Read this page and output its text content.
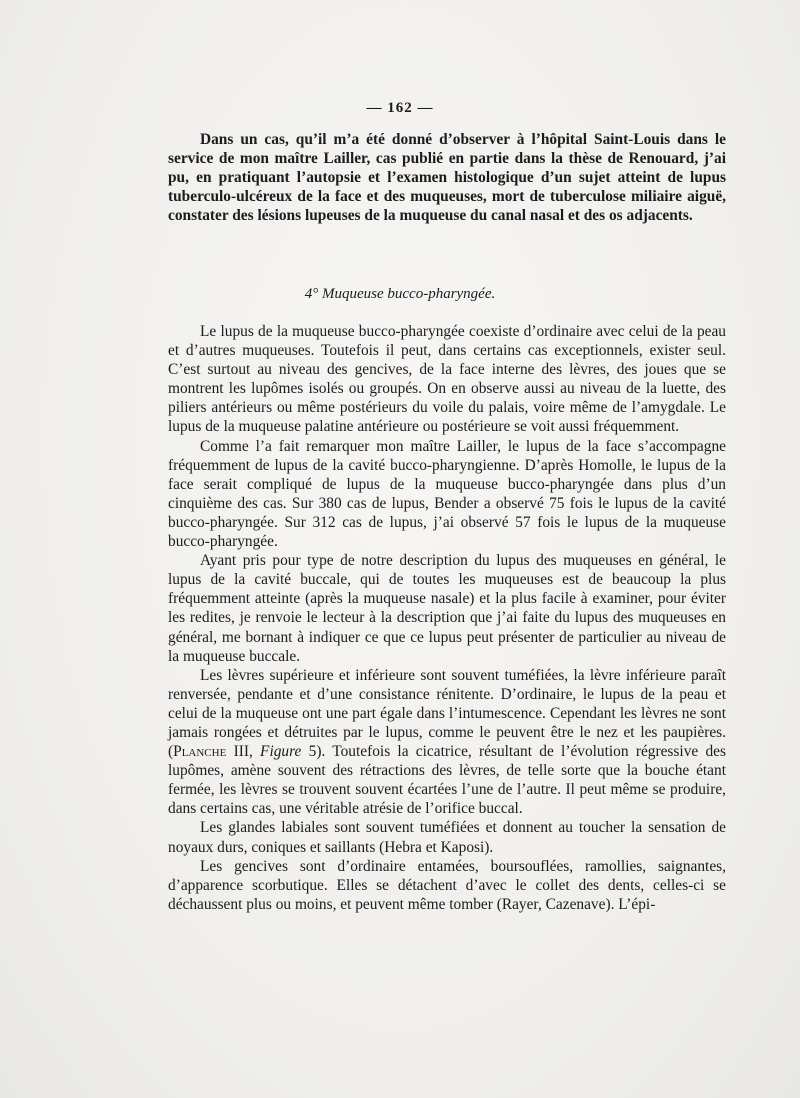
— 162 —

Dans un cas, qu’il m’a été donné d’observer à l’hôpital Saint-Louis dans le service de mon maître Lailler, cas publié en partie dans la thèse de Renouard, j’ai pu, en pratiquant l’autopsie et l’examen histologique d’un sujet atteint de lupus tuberculo-ulcéreux de la face et des muqueuses, mort de tuberculose miliaire aiguë, constater des lésions lupeuses de la muqueuse du canal nasal et des os adjacents.

4° Muqueuse bucco-pharyngée.

Le lupus de la muqueuse bucco-pharyngée coexiste d’ordinaire avec celui de la peau et d’autres muqueuses. Toutefois il peut, dans certains cas exceptionnels, exister seul. C’est surtout au niveau des gencives, de la face interne des lèvres, des joues que se montrent les lupômes isolés ou groupés. On en observe aussi au niveau de la luette, des piliers antérieurs ou même postérieurs du voile du palais, voire même de l’amygdale. Le lupus de la muqueuse palatine antérieure ou postérieure se voit aussi fréquemment.

Comme l’a fait remarquer mon maître Lailler, le lupus de la face s’accompagne fréquemment de lupus de la cavité bucco-pharyngienne. D’après Homolle, le lupus de la face serait compliqué de lupus de la muqueuse bucco-pharyngée dans plus d’un cinquième des cas. Sur 380 cas de lupus, Bender a observé 75 fois le lupus de la cavité bucco-pharyngée. Sur 312 cas de lupus, j’ai observé 57 fois le lupus de la muqueuse bucco-pharyngée.

Ayant pris pour type de notre description du lupus des muqueuses en général, le lupus de la cavité buccale, qui de toutes les muqueuses est de beaucoup la plus fréquemment atteinte (après la muqueuse nasale) et la plus facile à examiner, pour éviter les redites, je renvoie le lecteur à la description que j’ai faite du lupus des muqueuses en général, me bornant à indiquer ce que ce lupus peut présenter de particulier au niveau de la muqueuse buccale.

Les lèvres supérieure et inférieure sont souvent tuméfiées, la lèvre inférieure paraît renversée, pendante et d’une consistance rénitente. D’ordinaire, le lupus de la peau et celui de la muqueuse ont une part égale dans l’intumescence. Cependant les lèvres ne sont jamais rongées et détruites par le lupus, comme le peuvent être le nez et les paupières. (Planche III, Figure 5). Toutefois la cicatrice, résultant de l’évolution régressive des lupômes, amène souvent des rétractions des lèvres, de telle sorte que la bouche étant fermée, les lèvres se trouvent souvent écartées l’une de l’autre. Il peut même se produire, dans certains cas, une véritable atrésie de l’orifice buccal.

Les glandes labiales sont souvent tuméfiées et donnent au toucher la sensation de noyaux durs, coniques et saillants (Hebra et Kaposi).

Les gencives sont d’ordinaire entamées, boursouflées, ramollies, saignantes, d’apparence scorbutique. Elles se détachent d’avec le collet des dents, celles-ci se déchaussent plus ou moins, et peuvent même tomber (Rayer, Cazenave). L’épi-
